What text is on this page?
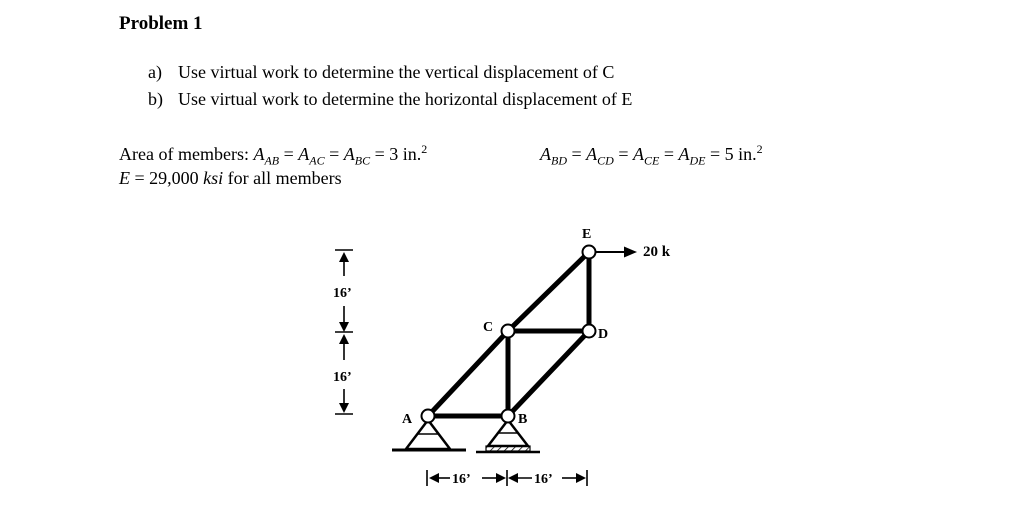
Problem 1
a) Use virtual work to determine the vertical displacement of C
b) Use virtual work to determine the horizontal displacement of E
Area of members: $A_{AB} = A_{AC} = A_{BC} = 3$ in.$^2$	$A_{BD} = A_{CD} = A_{CE} = A_{DE} = 5$ in.$^2$
E = 29,000 ksi for all members
A	B
C	D
E
20 k
16’
16’
16’	16’
